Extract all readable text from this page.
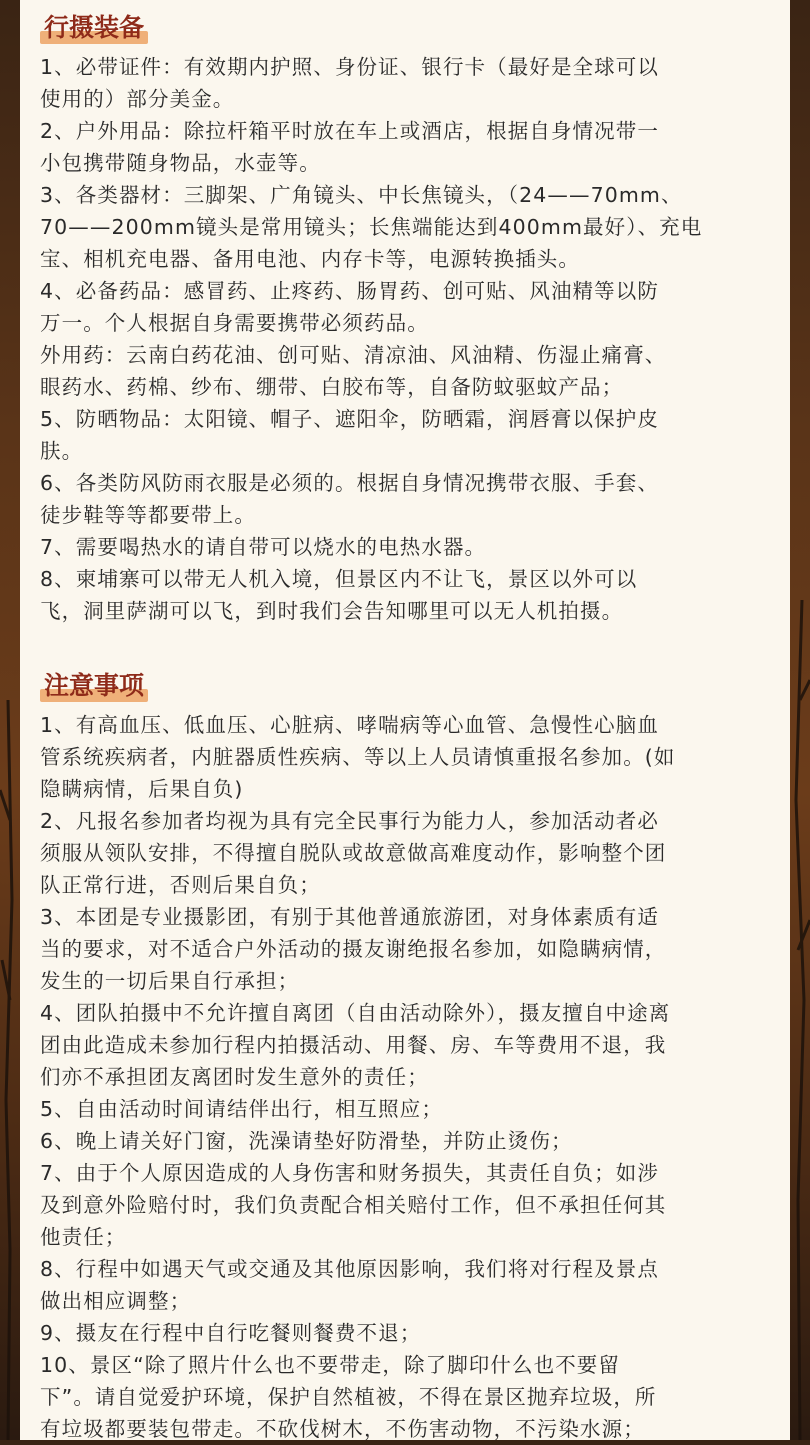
行摄装备
1、必带证件：有效期内护照、身份证、银行卡（最好是全球可以
使用的）部分美金。
2、户外用品：除拉杆箱平时放在车上或酒店，根据自身情况带一
小包携带随身物品，水壶等。
3、各类器材：三脚架、广角镜头、中长焦镜头，（24——70mm、
70——200mm镜头是常用镜头；长焦端能达到400mm最好）、充电
宝、相机充电器、备用电池、内存卡等，电源转换插头。
4、必备药品：感冒药、止疼药、肠胃药、创可贴、风油精等以防
万一。个人根据自身需要携带必须药品。
外用药：云南白药花油、创可贴、清凉油、风油精、伤湿止痛膏、
眼药水、药棉、纱布、绷带、白胶布等，自备防蚊驱蚊产品；
5、防晒物品：太阳镜、帽子、遮阳伞，防晒霜，润唇膏以保护皮
肤。
6、各类防风防雨衣服是必须的。根据自身情况携带衣服、手套、
徒步鞋等等都要带上。
7、需要喝热水的请自带可以烧水的电热水器。
8、柬埔寨可以带无人机入境，但景区内不让飞，景区以外可以
飞，洞里萨湖可以飞，到时我们会告知哪里可以无人机拍摄。
注意事项
1、有高血压、低血压、心脏病、哮喘病等心血管、急慢性心脑血
管系统疾病者，内脏器质性疾病、等以上人员请慎重报名参加。(如
隐瞒病情，后果自负)
2、凡报名参加者均视为具有完全民事行为能力人，参加活动者必
须服从领队安排，不得擅自脱队或故意做高难度动作，影响整个团
队正常行进，否则后果自负；
3、本团是专业摄影团，有别于其他普通旅游团，对身体素质有适
当的要求，对不适合户外活动的摄友谢绝报名参加，如隐瞒病情，
发生的一切后果自行承担；
4、团队拍摄中不允许擅自离团（自由活动除外），摄友擅自中途离
团由此造成未参加行程内拍摄活动、用餐、房、车等费用不退，我
们亦不承担团友离团时发生意外的责任；
5、自由活动时间请结伴出行，相互照应；
6、晚上请关好门窗，洗澡请垫好防滑垫，并防止烫伤；
7、由于个人原因造成的人身伤害和财务损失，其责任自负；如涉
及到意外险赔付时，我们负责配合相关赔付工作，但不承担任何其
他责任；
8、行程中如遇天气或交通及其他原因影响，我们将对行程及景点
做出相应调整；
9、摄友在行程中自行吃餐则餐费不退；
10、景区“除了照片什么也不要带走，除了脚印什么也不要留
下”。请自觉爱护环境，保护自然植被，不得在景区抛弃垃圾，所
有垃圾都要装包带走。不砍伐树木，不伤害动物，不污染水源；
